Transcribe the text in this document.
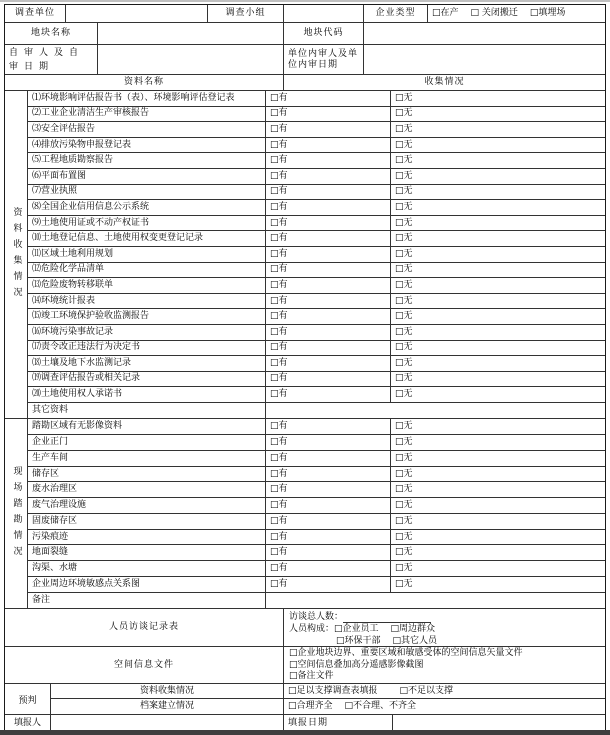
调查单位	调查小组	企业类型	□在产 □ 关闭搬迁 □填埋场
地块名称	地块代码
自审人及自审日期
单位内审人及单位内审日期
资料名称	收集情况
资料收集情况
⑴环境影响评估报告书（表）、环境影响评估登记表	□有	□无
⑵工业企业清洁生产审核报告	□有	□无
⑶安全评估报告	□有	□无
⑷排放污染物申报登记表	□有	□无
⑸工程地质勘察报告	□有	□无
⑹平面布置图	□有	□无
⑺营业执照	□有	□无
⑻全国企业信用信息公示系统	□有	□无
⑼土地使用证或不动产权证书	□有	□无
⑽土地登记信息、土地使用权变更登记记录	□有	□无
⑾区域土地利用规划	□有	□无
⑿危险化学品清单	□有	□无
⒀危险废物转移联单	□有	□无
⒁环境统计报表	□有	□无
⒂竣工环境保护验收监测报告	□有	□无
⒃环境污染事故记录	□有	□无
⒄责令改正违法行为决定书	□有	□无
⒅土壤及地下水监测记录	□有	□无
⒆调查评估报告或相关记录	□有	□无
⒇土地使用权人承诺书	□有	□无
其它资料
现场踏勘情况
踏勘区域有无影像资料	□有	□无
企业正门	□有	□无
生产车间	□有	□无
储存区	□有	□无
废水治理区	□有	□无
废气治理设施	□有	□无
固废储存区	□有	□无
污染痕迹	□有	□无
地面裂缝	□有	□无
沟渠、水塘	□有	□无
企业周边环境敏感点关系图	□有	□无
备注
人员访谈记录表
访谈总人数：
人员构成：□企业员工 □周边群众
□环保干部 □其它人员
空间信息文件
□企业地块边界、重要区域和敏感受体的空间信息矢量文件
□空间信息叠加高分遥感影像截图
□备注文件
预判
资料收集情况	□足以支撑调查表填报 □不足以支撑
档案建立情况	□合理齐全 □不合理、不齐全
填报人	填报日期
